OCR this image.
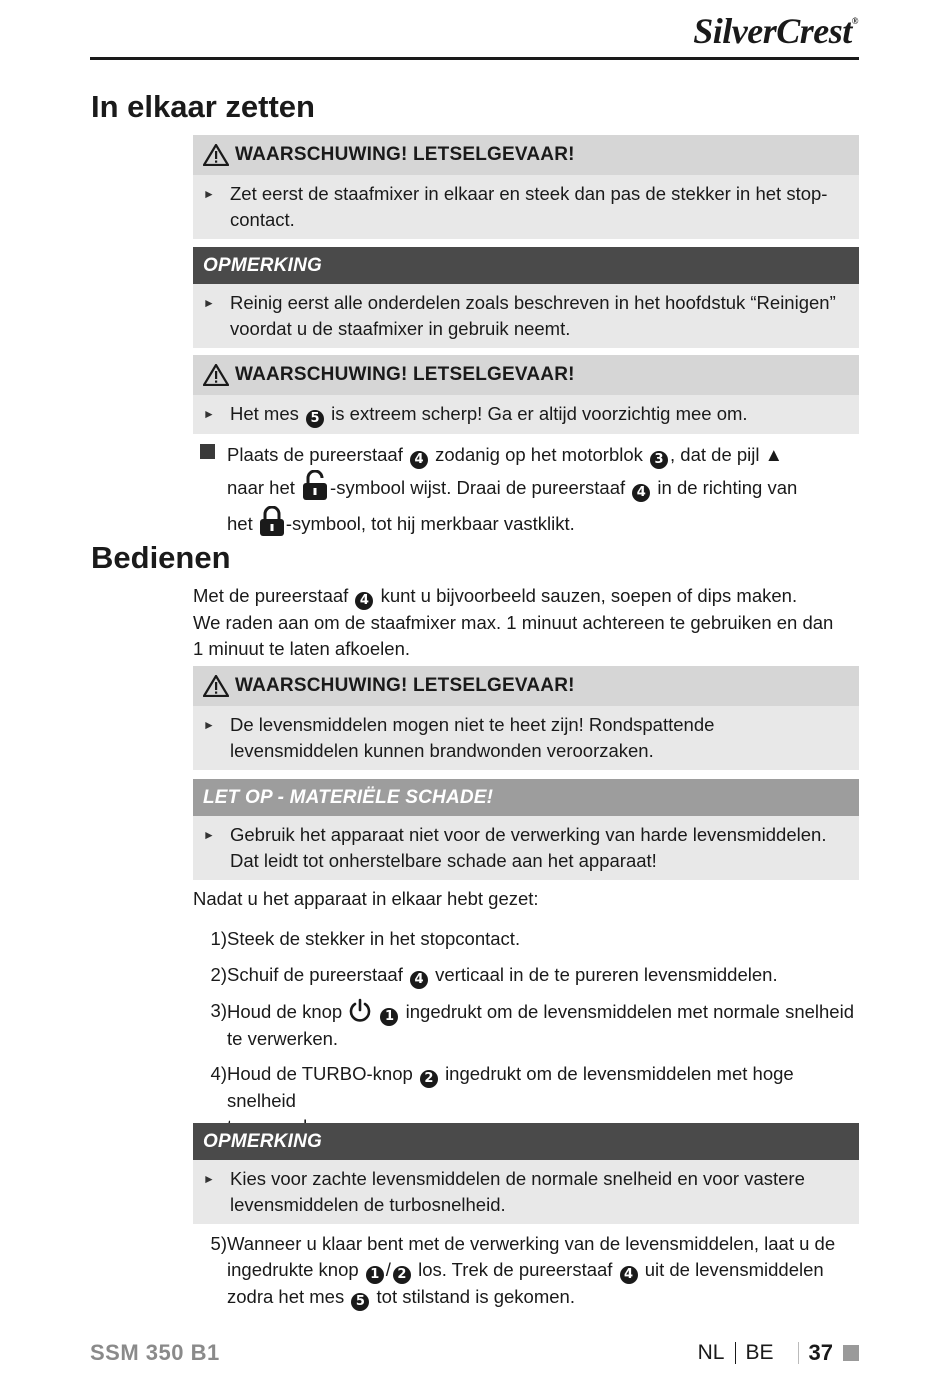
SilverCrest®
In elkaar zetten
WAARSCHUWING! LETSELGEVAAR!
► Zet eerst de staafmixer in elkaar en steek dan pas de stekker in het stop-contact.
OPMERKING
► Reinig eerst alle onderdelen zoals beschreven in het hoofdstuk “Reinigen” voordat u de staafmixer in gebruik neemt.
WAARSCHUWING! LETSELGEVAAR!
► Het mes 5 is extreem scherp! Ga er altijd voorzichtig mee om.
Plaats de pureerstaaf 4 zodanig op het motorblok 3 , dat de pijl ▲
naar het -symbool wijst. Draai de pureerstaaf 4 in de richting van
het -symbool, tot hij merkbaar vastklikt.
Bedienen
Met de pureerstaaf 4 kunt u bijvoorbeeld sauzen, soepen of dips maken.
We raden aan om de staafmixer max. 1 minuut achtereen te gebruiken en dan
1 minuut te laten afkoelen.
WAARSCHUWING! LETSELGEVAAR!
► De levensmiddelen mogen niet te heet zijn! Rondspattende levensmiddelen kunnen brandwonden veroorzaken.
LET OP - MATERIËLE SCHADE!
► Gebruik het apparaat niet voor de verwerking van harde levensmiddelen. Dat leidt tot onherstelbare schade aan het apparaat!
Nadat u het apparaat in elkaar hebt gezet:
1) Steek de stekker in het stopcontact.
2) Schuif de pureerstaaf 4 verticaal in de te pureren levensmiddelen.
3) Houd de knop	1 ingedrukt om de levensmiddelen met normale snelheid
te verwerken.
4) Houd de TURBO-knop 2 ingedrukt om de levensmiddelen met hoge snelheid

OPMERKING
► Kies voor zachte levensmiddelen de normale snelheid en voor vastere levensmiddelen de turbosnelheid.
5) Wanneer u klaar bent met de verwerking van de levensmiddelen, laat u de
ingedrukte knop 1 / 2 los. Trek de pureerstaaf 4 uit de levensmiddelen
zodra het mes 5 tot stilstand is gekomen.
SSM 350 B1	NL BE 37
